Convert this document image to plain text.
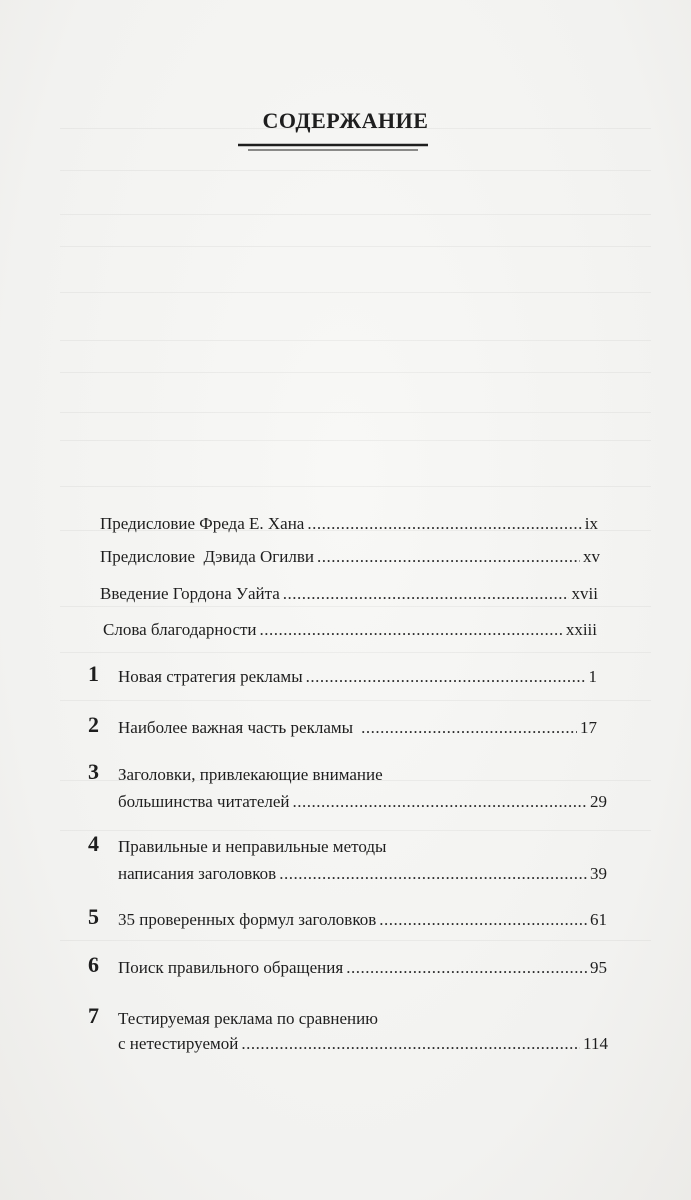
СОДЕРЖАНИЕ
Предисловие Фреда Е. Хана .....	ix
Предисловие  Дэвида Огилви .....	xv
Введение Гордона Уайта .....	xvii
Слова благодарности .....	xxiii
1 Новая стратегия рекламы .....	1
2 Наиболее важная часть рекламы .....	17
3 Заголовки, привлекающие внимание
большинства читателей .....	29
4 Правильные и неправильные методы
написания заголовков .....	39
5 35 проверенных формул заголовков .....	61
6 Поиск правильного обращения .....	95
7 Тестируемая реклама по сравнению
с нетестируемой .....	114
